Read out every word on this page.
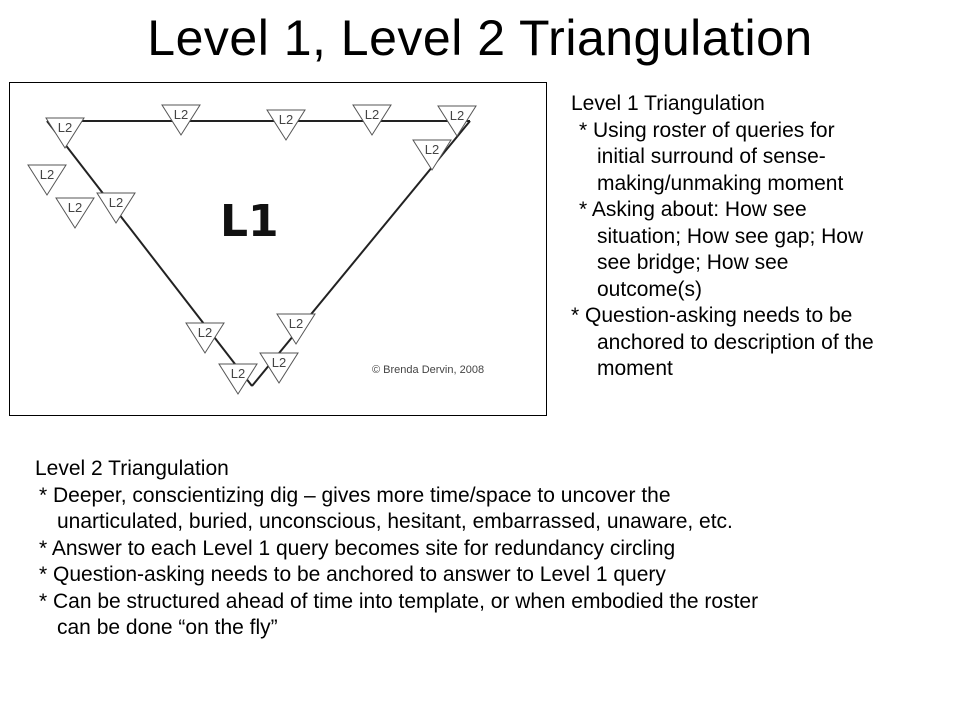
Level 1, Level 2 Triangulation
L1
© Brenda Dervin, 2008
L2
L2	L2	L2	L2
L2
L2
L2 L2
L2
L2
L2
L2

Level 1 Triangulation

* Using roster of queries for

initial surround of sense-

making/unmaking moment

* Asking about: How see

situation; How see gap; How

see bridge; How see

outcome(s)

* Question-asking needs to be

anchored to description of the

moment

Level 2 Triangulation

* Deeper, conscientizing dig – gives more time/space to uncover the

unarticulated, buried, unconscious, hesitant, embarrassed, unaware, etc.

* Answer to each Level 1 query becomes site for redundancy circling

* Question-asking needs to be anchored to answer to Level 1 query

* Can be structured ahead of time into template, or when embodied the roster

can be done “on the fly”
